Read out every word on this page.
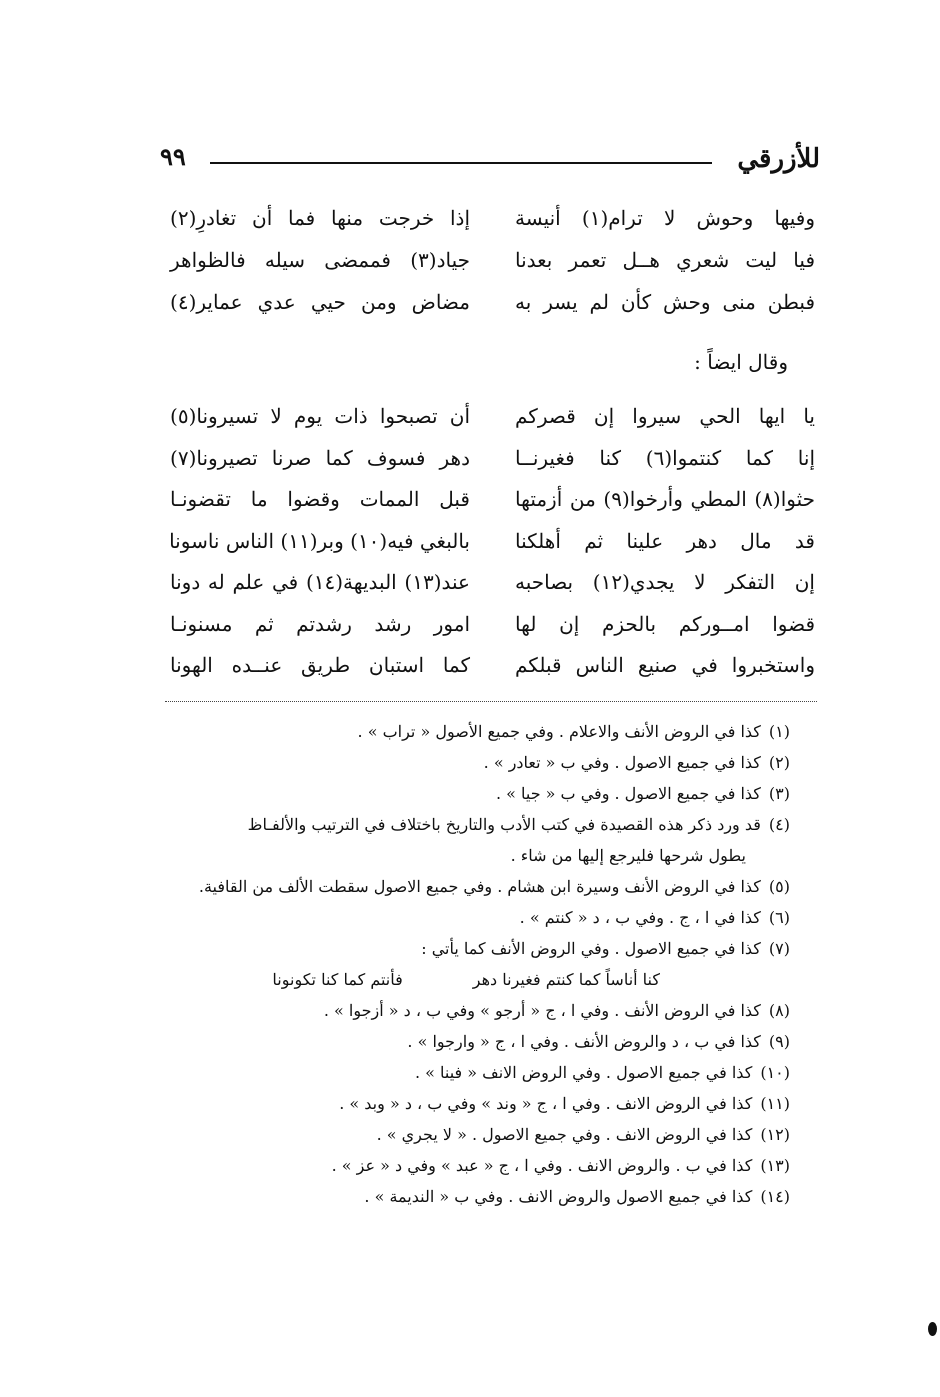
للأزرقي
٩٩
وفيها وحوش لا ترام(١) أنيسة
إذا خرجت منها فما أن تغادرِ(٢)
فيا ليت شعري هــل تعمر بعدنا
جياد(٣) فممضى سيله فالظواهر
فبطن منى وحش كأن لم يسر به
مضاض ومن حيي عدي عماير(٤)
وقال ايضاً :
يا ايها الحي سيروا إن قصركم
أن تصبحوا ذات يوم لا تسيرونا(٥)
إنا كما كنتموا(٦) كنا فغيرنــا
دهر فسوف كما صرنا تصيرونا(٧)
حثوا(٨) المطي وأرخوا(٩) من أزمتها
قبل الممات وقضوا ما تقضونـا
قد مال دهر علينا ثم أهلكنا
بالبغي فيه(١٠) وبر(١١) الناس ناسونا
إن التفكر لا يجدي(١٢) بصاحبه
عند(١٣) البديهة(١٤) في علم له دونا
قضوا امــوركم بالحزم إن لها
امور رشد رشدتم ثم مسنونـا
واستخبروا في صنيع الناس قبلكم
كما استبان طريق عنــده الهونا
(١)كذا في الروض الأنف والاعلام . وفي جميع الأصول « تراب » .
(٢)كذا في جميع الاصول . وفي ب « تعادر » .
(٣)كذا في جميع الاصول . وفي ب « جيا » .
(٤)قد ورد ذكر هذه القصيدة في كتب الأدب والتاريخ باختلاف في الترتيب والألفـاظ
يطول شرحها فليرجع إليها من شاء .
(٥)كذا في الروض الأنف وسيرة ابن هشام . وفي جميع الاصول سقطت الألف من القافية.
(٦)كذا في ا ، ج . وفي ب ، د « كنتم » .
(٧)كذا في جميع الاصول . وفي الروض الأنف كما يأتي :
كنا أناساً كما كنتم فغيرنا دهرفأنتم كما كنا تكونونا
(٨)كذا في الروض الأنف . وفي ا ، ج « أرجو » وفي ب ، د « أزجوا » .
(٩)كذا في ب ، د والروض الأنف . وفي ا ، ج « وارجوا » .
(١٠)كذا في جميع الاصول . وفي الروض الانف « فينا » .
(١١)كذا في الروض الانف . وفي ا ، ج « وند » وفي ب ، د « وبد » .
(١٢)كذا في الروض الانف . وفي جميع الاصول . « لا يجري » .
(١٣)كذا في ب . والروض الانف . وفي ا ، ج « عبد » وفي د « عز » .
(١٤)كذا في جميع الاصول والروض الانف . وفي ب « النديمة » .
